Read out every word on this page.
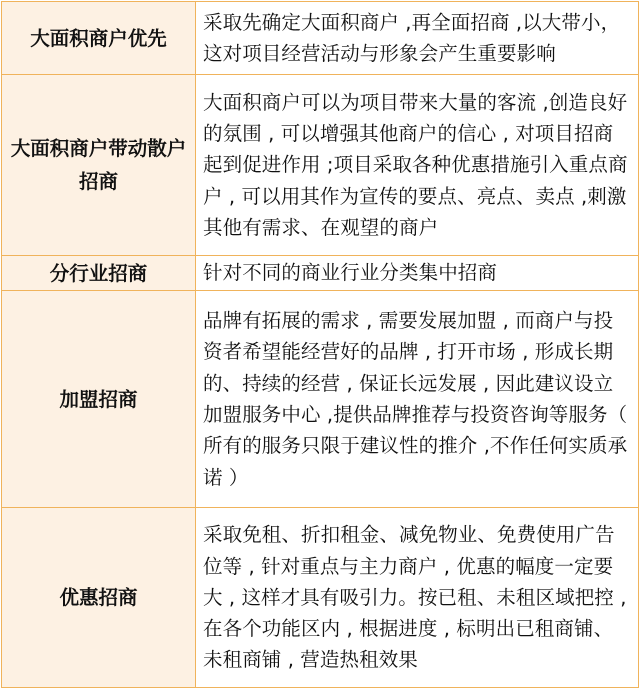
大面积商户优先	采取先确定大面积商户 ,再全面招商 ,以大带小，这对项目经营活动与形象会产生重要影响
大面积商户带动散户招商	大面积商户可以为项目带来大量的客流 ,创造良好的氛围 , 可以增强其他商户的信心 , 对项目招商起到促进作用 ;项目采取各种优惠措施引入重点商户 , 可以用其作为宣传的要点、亮点、卖点 ,刺激其他有需求、在观望的商户
分行业招商	针对不同的商业行业分类集中招商
加盟招商	品牌有拓展的需求 , 需要发展加盟 , 而商户与投资者希望能经营好的品牌 , 打开市场 , 形成长期的、持续的经营 , 保证长远发展 , 因此建议设立加盟服务中心 ,提供品牌推荐与投资咨询等服务（ 所有的服务只限于建议性的推介 ,不作任何实质承诺 ）
优惠招商	采取免租、折扣租金、减免物业、免费使用广告位等 , 针对重点与主力商户 , 优惠的幅度一定要大 , 这样才具有吸引力。按已租、未租区域把控 , 在各个功能区内 , 根据进度 , 标明出已租商铺、未租商铺 , 营造热租效果
